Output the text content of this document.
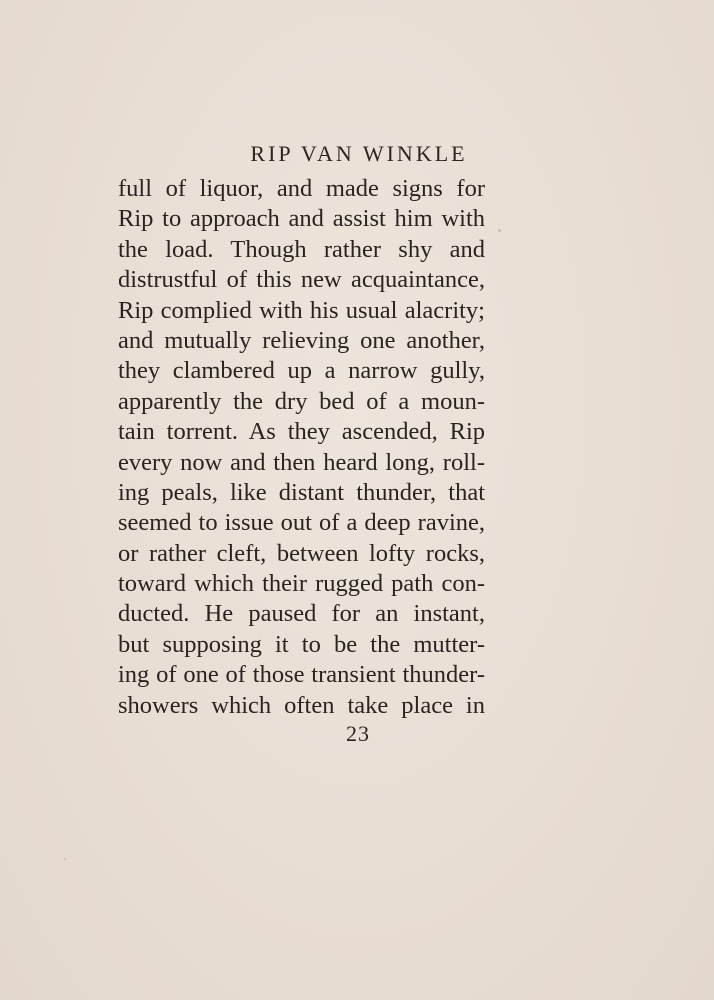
RIP VAN WINKLE
full of liquor, and made signs for
Rip to approach and assist him with
the load. Though rather shy and
distrustful of this new acquaintance,
Rip complied with his usual alacrity;
and mutually relieving one another,
they clambered up a narrow gully,
apparently the dry bed of a moun-
tain torrent. As they ascended, Rip
every now and then heard long, roll-
ing peals, like distant thunder, that
seemed to issue out of a deep ravine,
or rather cleft, between lofty rocks,
toward which their rugged path con-
ducted. He paused for an instant,
but supposing it to be the mutter-
ing of one of those transient thunder-
showers which often take place in
23
